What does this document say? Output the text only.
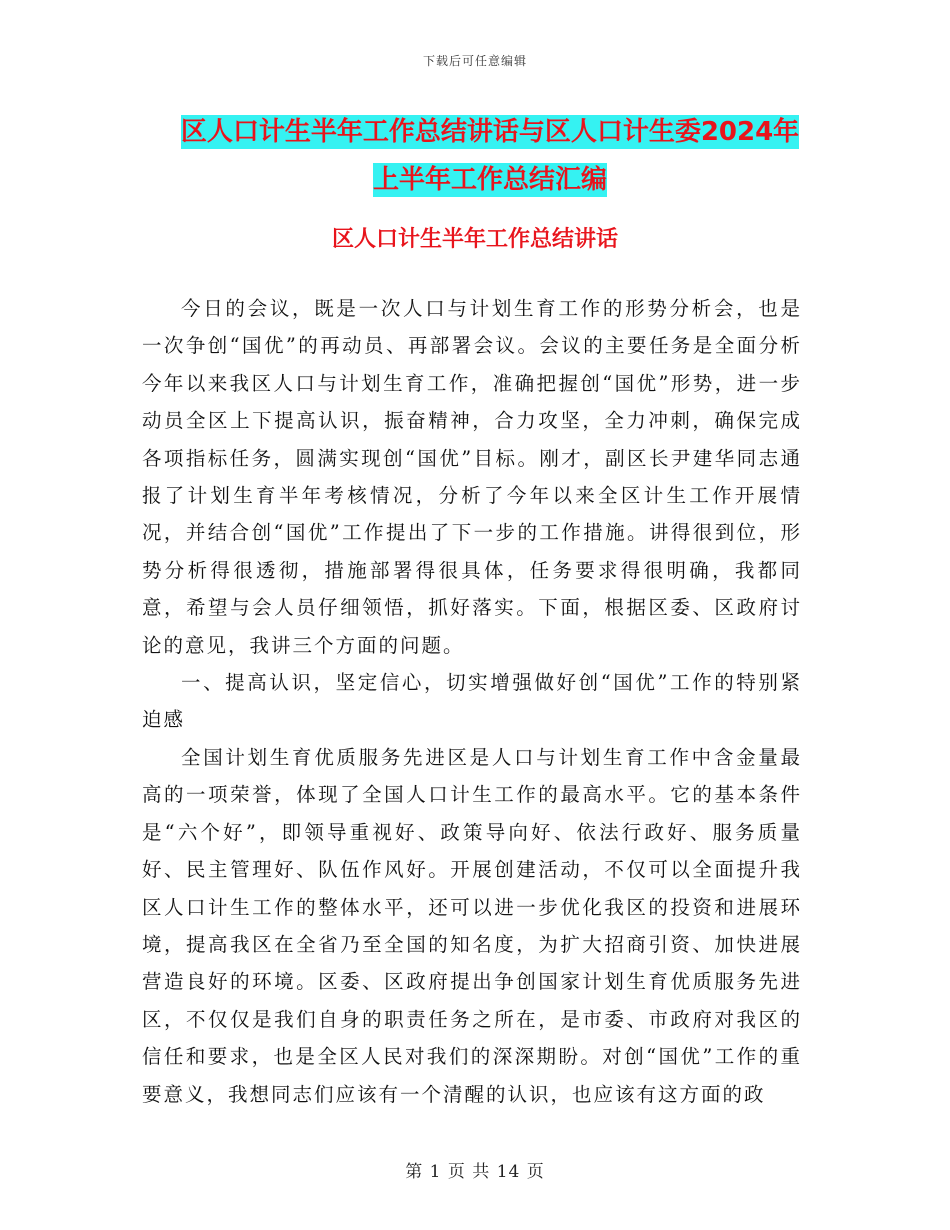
下载后可任意编辑
区人口计生半年工作总结讲话与区人口计生委2024年
上半年工作总结汇编
区人口计生半年工作总结讲话

今日的会议，既是一次人口与计划生育工作的形势分析会，也是一次争创“国优”的再动员、再部署会议。会议的主要任务是全面分析今年以来我区人口与计划生育工作，准确把握创“国优”形势，进一步动员全区上下提高认识，振奋精神，合力攻坚，全力冲刺，确保完成各项指标任务，圆满实现创“国优”目标。刚才，副区长尹建华同志通报了计划生育半年考核情况，分析了今年以来全区计生工作开展情况，并结合创“国优”工作提出了下一步的工作措施。讲得很到位，形势分析得很透彻，措施部署得很具体，任务要求得很明确，我都同意，希望与会人员仔细领悟，抓好落实。下面，根据区委、区政府讨论的意见，我讲三个方面的问题。

一、提高认识，坚定信心，切实增强做好创“国优”工作的特别紧迫感

全国计划生育优质服务先进区是人口与计划生育工作中含金量最高的一项荣誉，体现了全国人口计生工作的最高水平。它的基本条件是“六个好”，即领导重视好、政策导向好、依法行政好、服务质量好、民主管理好、队伍作风好。开展创建活动，不仅可以全面提升我区人口计生工作的整体水平，还可以进一步优化我区的投资和进展环境，提高我区在全省乃至全国的知名度，为扩大招商引资、加快进展营造良好的环境。区委、区政府提出争创国家计划生育优质服务先进区，不仅仅是我们自身的职责任务之所在，是市委、市政府对我区的信任和要求，也是全区人民对我们的深深期盼。对创“国优”工作的重要意义，我想同志们应该有一个清醒的认识，也应该有这方面的政

第 1 页 共 14 页
